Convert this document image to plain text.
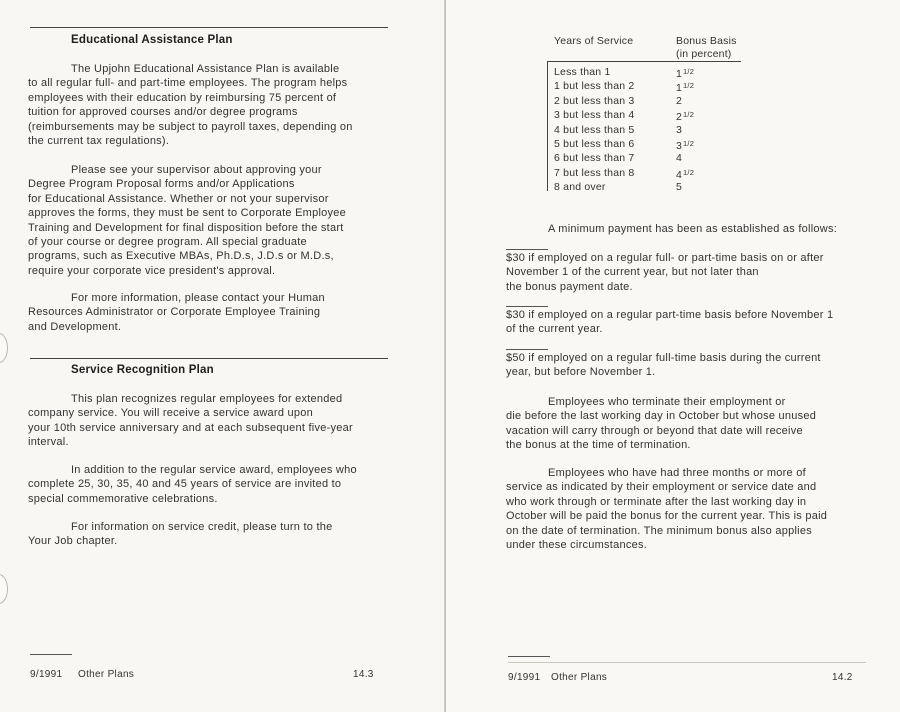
Educational Assistance Plan

The Upjohn Educational Assistance Plan is available
to all regular full- and part-time employees. The program helps
employees with their education by reimbursing 75 percent of
tuition for approved courses and/or degree programs
(reimbursements may be subject to payroll taxes, depending on
the current tax regulations).

Please see your supervisor about approving your
Degree Program Proposal forms and/or Applications
for Educational Assistance. Whether or not your supervisor
approves the forms, they must be sent to Corporate Employee
Training and Development for final disposition before the start
of your course or degree program. All special graduate
programs, such as Executive MBAs, Ph.D.s, J.D.s or M.D.s,
require your corporate vice president's approval.

For more information, please contact your Human
Resources Administrator or Corporate Employee Training
and Development.

Service Recognition Plan

This plan recognizes regular employees for extended
company service. You will receive a service award upon
your 10th service anniversary and at each subsequent five-year
interval.

In addition to the regular service award, employees who
complete 25, 30, 35, 40 and 45 years of service are invited to
special commemorative celebrations.

For information on service credit, please turn to the
Your Job chapter.

9/1991 Other Plans	14.3
Years of Service	Bonus Basis
(in percent)
Less than 1	$1^{1/2}$
1 but less than 2	$1^{1/2}$
2 but less than 3	2
3 but less than 4	$2^{1/2}$
4 but less than 5	3
5 but less than 6	$3^{1/2}$
6 but less than 7	4
7 but less than 8	$4^{1/2}$
8 and over	5

A minimum payment has been as established as follows:

$30 if employed on a regular full- or part-time basis on or after
November 1 of the current year, but not later than
the bonus payment date.

$30 if employed on a regular part-time basis before November 1
of the current year.

$50 if employed on a regular full-time basis during the current
year, but before November 1.

Employees who terminate their employment or
die before the last working day in October but whose unused
vacation will carry through or beyond that date will receive
the bonus at the time of termination.

Employees who have had three months or more of
service as indicated by their employment or service date and
who work through or terminate after the last working day in
October will be paid the bonus for the current year. This is paid
on the date of termination. The minimum bonus also applies
under these circumstances.

9/1991 Other Plans	14.2
